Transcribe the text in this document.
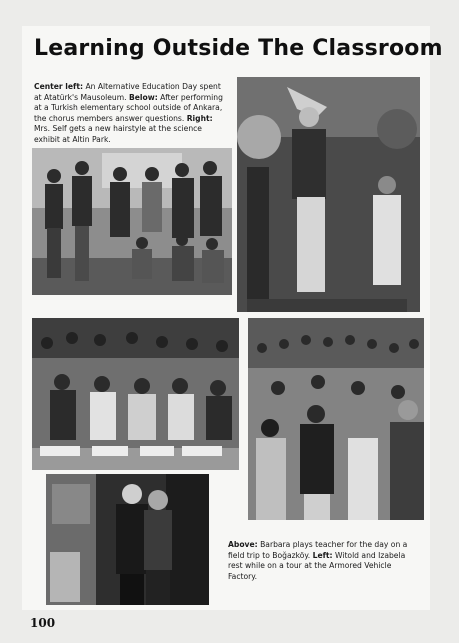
Learning Outside The Classroom
Center left: An Alternative Education Day spent at Atatürk's Mausoleum. Below: After performing at a Turkish elementary school outside of Ankara, the chorus members answer questions. Right: Mrs. Self gets a new hairstyle at the science exhibit at Altin Park.
Above: Barbara plays teacher for the day on a field trip to Boğazköy. Left: Witold and Izabela rest while on a tour at the Armored Vehicle Factory.
100
